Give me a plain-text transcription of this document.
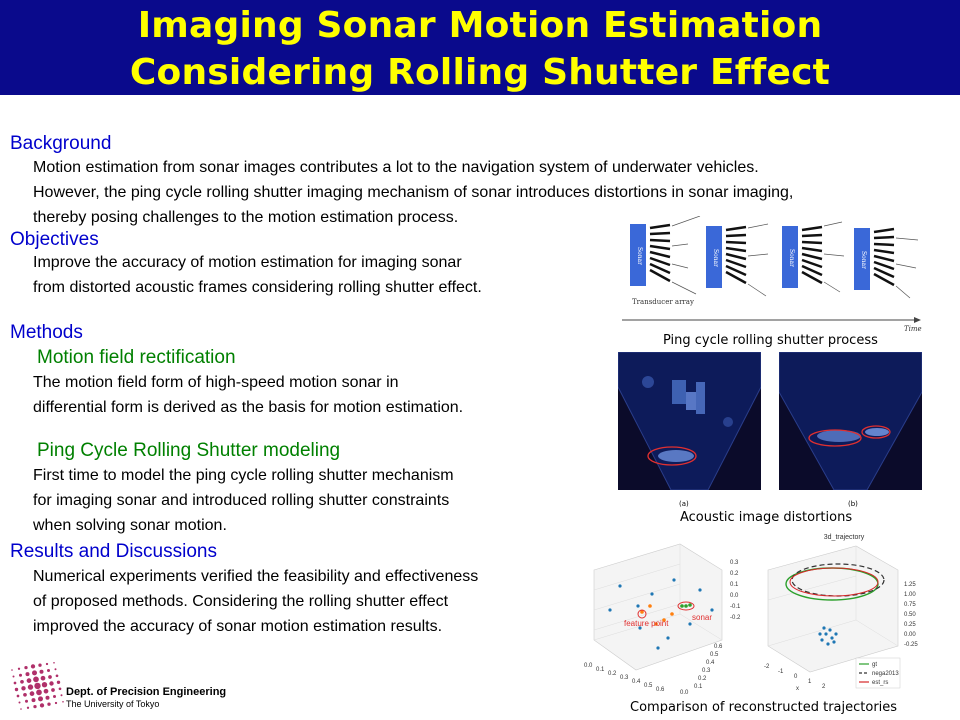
Imaging Sonar Motion Estimation
Considering Rolling Shutter Effect
Background
Motion estimation from sonar images contributes a lot to the navigation system of underwater vehicles.
However, the ping cycle rolling shutter imaging mechanism of sonar introduces distortions in sonar imaging,
thereby posing challenges to the motion estimation process.
Objectives
Improve the accuracy of motion estimation for imaging sonar
from distorted acoustic frames considering rolling shutter effect.
Methods
Motion field rectification
The motion field form of high-speed motion sonar in
differential form is derived as the basis for motion estimation.
Ping Cycle Rolling Shutter modeling
First time to model the ping cycle rolling shutter mechanism
for imaging sonar and introduced rolling shutter constraints
when solving sonar motion.
Results and Discussions
Numerical experiments verified the feasibility and effectiveness
of proposed methods. Considering the rolling shutter effect
improved the accuracy of sonar motion estimation results.
Sonar	Sonar	Sonar	Sonar
Transducer array
Time
Ping cycle rolling shutter process
(a)	(b)
Acoustic image distortions
feature point
sonar
0.3
0.2
0.1
0.0
-0.1
-0.2
0.0
0.1
0.2
0.3
0.4
0.5
0.6
0.6
0.5
0.4
0.3
0.2
0.1
0.0
3d_trajectory
1.25
1.00
0.75
0.50
0.25
0.00
-0.25
-2
-1
0
1
2
x
gt
nega2013
est_rs
Comparison of reconstructed trajectories
Dept. of Precision Engineering
The University of Tokyo
